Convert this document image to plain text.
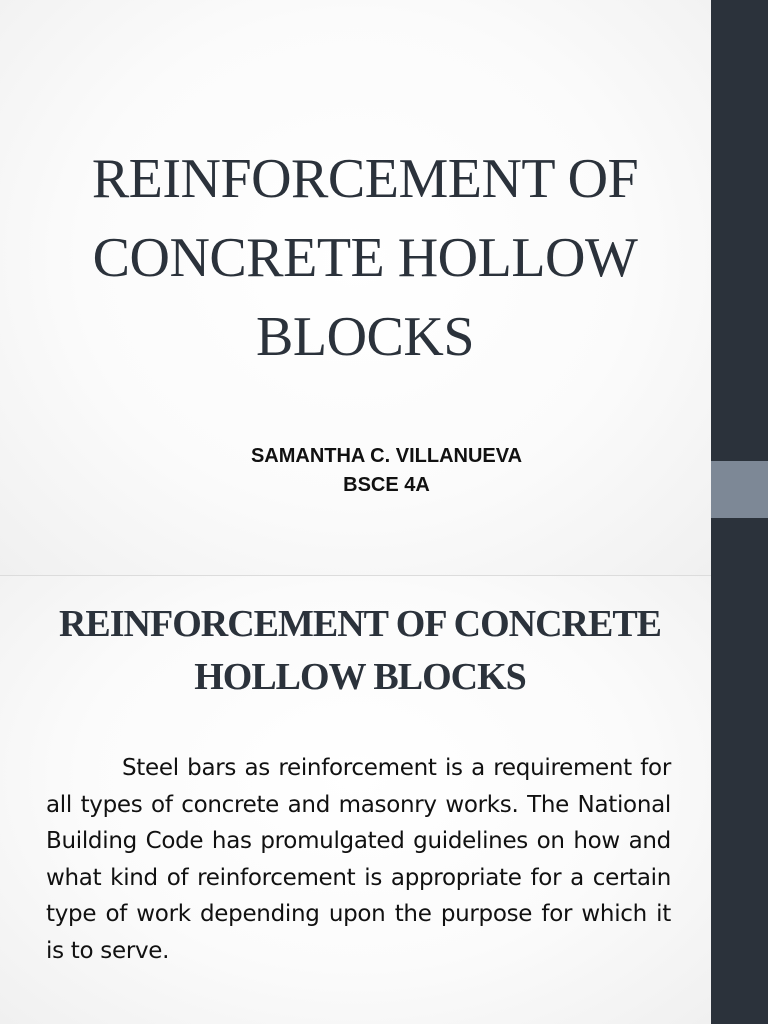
REINFORCEMENT OF CONCRETE HOLLOW BLOCKS
SAMANTHA C. VILLANUEVA
BSCE 4A
REINFORCEMENT OF CONCRETE HOLLOW BLOCKS

Steel bars as reinforcement is a requirement for all types of concrete and masonry works. The National Building Code has promulgated guidelines on how and what kind of reinforcement is appropriate for a certain type of work depending upon the purpose for which it is to serve.
